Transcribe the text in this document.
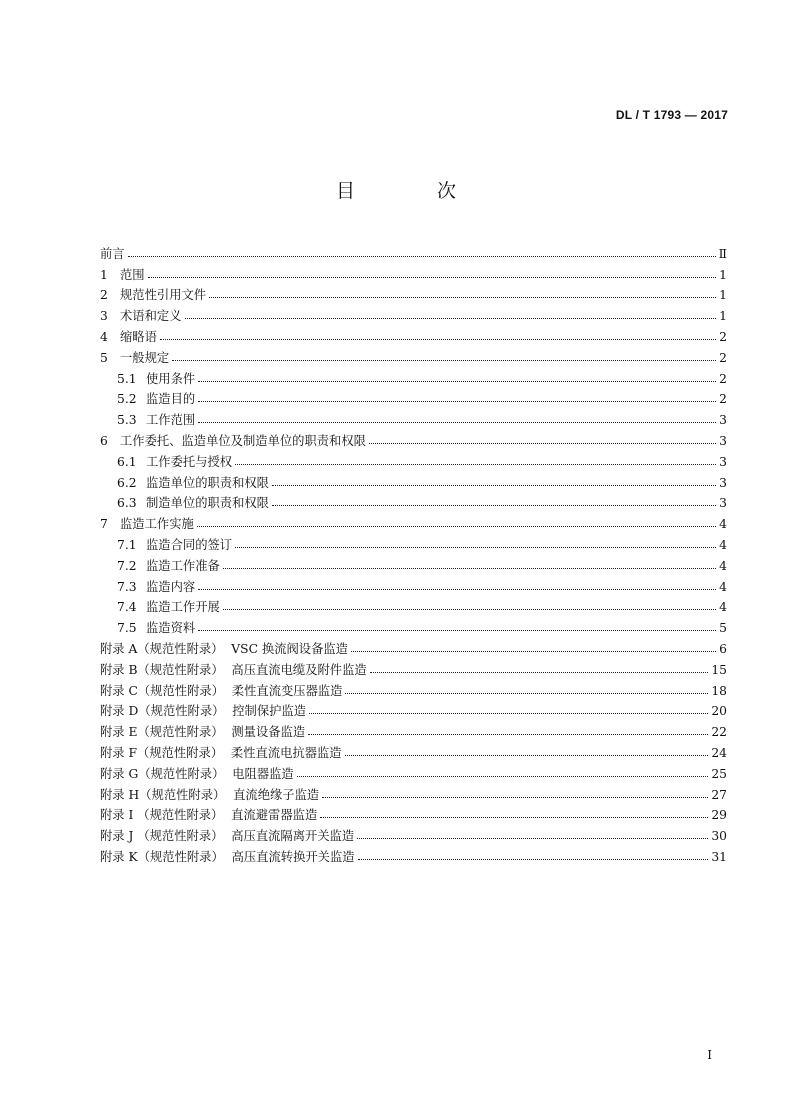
DL / T 1793 — 2017
目 次
前言	Ⅱ
1 范围	1
2 规范性引用文件	1
3 术语和定义	1
4 缩略语	2
5 一般规定	2
5.1 使用条件	2
5.2 监造目的	2
5.3 工作范围	3
6 工作委托、监造单位及制造单位的职责和权限	3
6.1 工作委托与授权	3
6.2 监造单位的职责和权限	3
6.3 制造单位的职责和权限	3
7 监造工作实施	4
7.1 监造合同的签订	4
7.2 监造工作准备	4
7.3 监造内容	4
7.4 监造工作开展	4
7.5 监造资料	5
附录 A（规范性附录）  VSC 换流阀设备监造	6
附录 B（规范性附录）  高压直流电缆及附件监造	15
附录 C（规范性附录）  柔性直流变压器监造	18
附录 D（规范性附录）  控制保护监造	20
附录 E（规范性附录）  测量设备监造	22
附录 F（规范性附录）  柔性直流电抗器监造	24
附录 G（规范性附录）  电阻器监造	25
附录 H（规范性附录）  直流绝缘子监造	27
附录 I （规范性附录）  直流避雷器监造	29
附录 J （规范性附录）  高压直流隔离开关监造	30
附录 K（规范性附录）  高压直流转换开关监造	31
I
